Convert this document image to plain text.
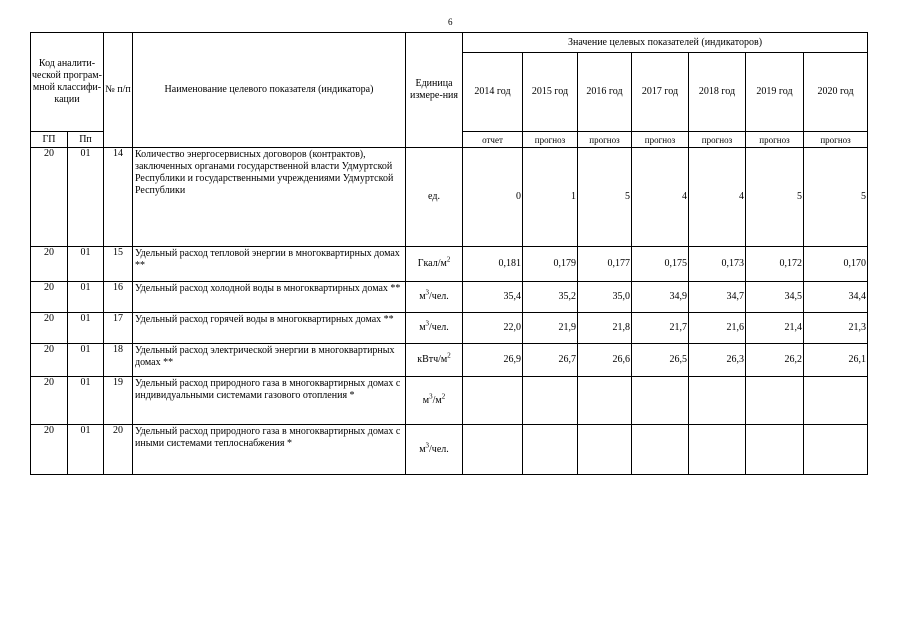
6
Код аналити-ческой програм-мной классифи-кации		№ п/п	Наименование целевого показателя (индикатора)	Единица измере-ния	Значение целевых показателей (индикаторов)						
					2014 год	2015 год	2016 год	2017 год	2018 год	2019 год	2020 год
ГП	Пп				отчет	прогноз	прогноз	прогноз	прогноз	прогноз	прогноз
20	01	14	Количество энергосервисных договоров (контрактов), заключенных органами государственной власти Удмуртской Республики и государственными учреждениями Удмуртской Республики	ед.	0	1	5	4	4	5	5
20	01	15	Удельный расход тепловой энергии в многоквартирных домах **	Гкал/$м^2$	0,181	0,179	0,177	0,175	0,173	0,172	0,170
20	01	16	Удельный расход холодной воды в многоквартирных домах **	$м^3$/чел.	35,4	35,2	35,0	34,9	34,7	34,5	34,4
20	01	17	Удельный расход горячей воды в многоквартирных домах **	$м^3$/чел.	22,0	21,9	21,8	21,7	21,6	21,4	21,3
20	01	18	Удельный расход электрической энергии в многоквартирных домах **	кВтч/$м^2$	26,9	26,7	26,6	26,5	26,3	26,2	26,1
20	01	19	Удельный расход природного газа в многоквартирных домах с индивидуальными системами газового отопления *	$м^3/м^2$							
20	01	20	Удельный расход природного газа в многоквартирных домах с иными системами теплоснабжения *	$м^3$/чел.							
